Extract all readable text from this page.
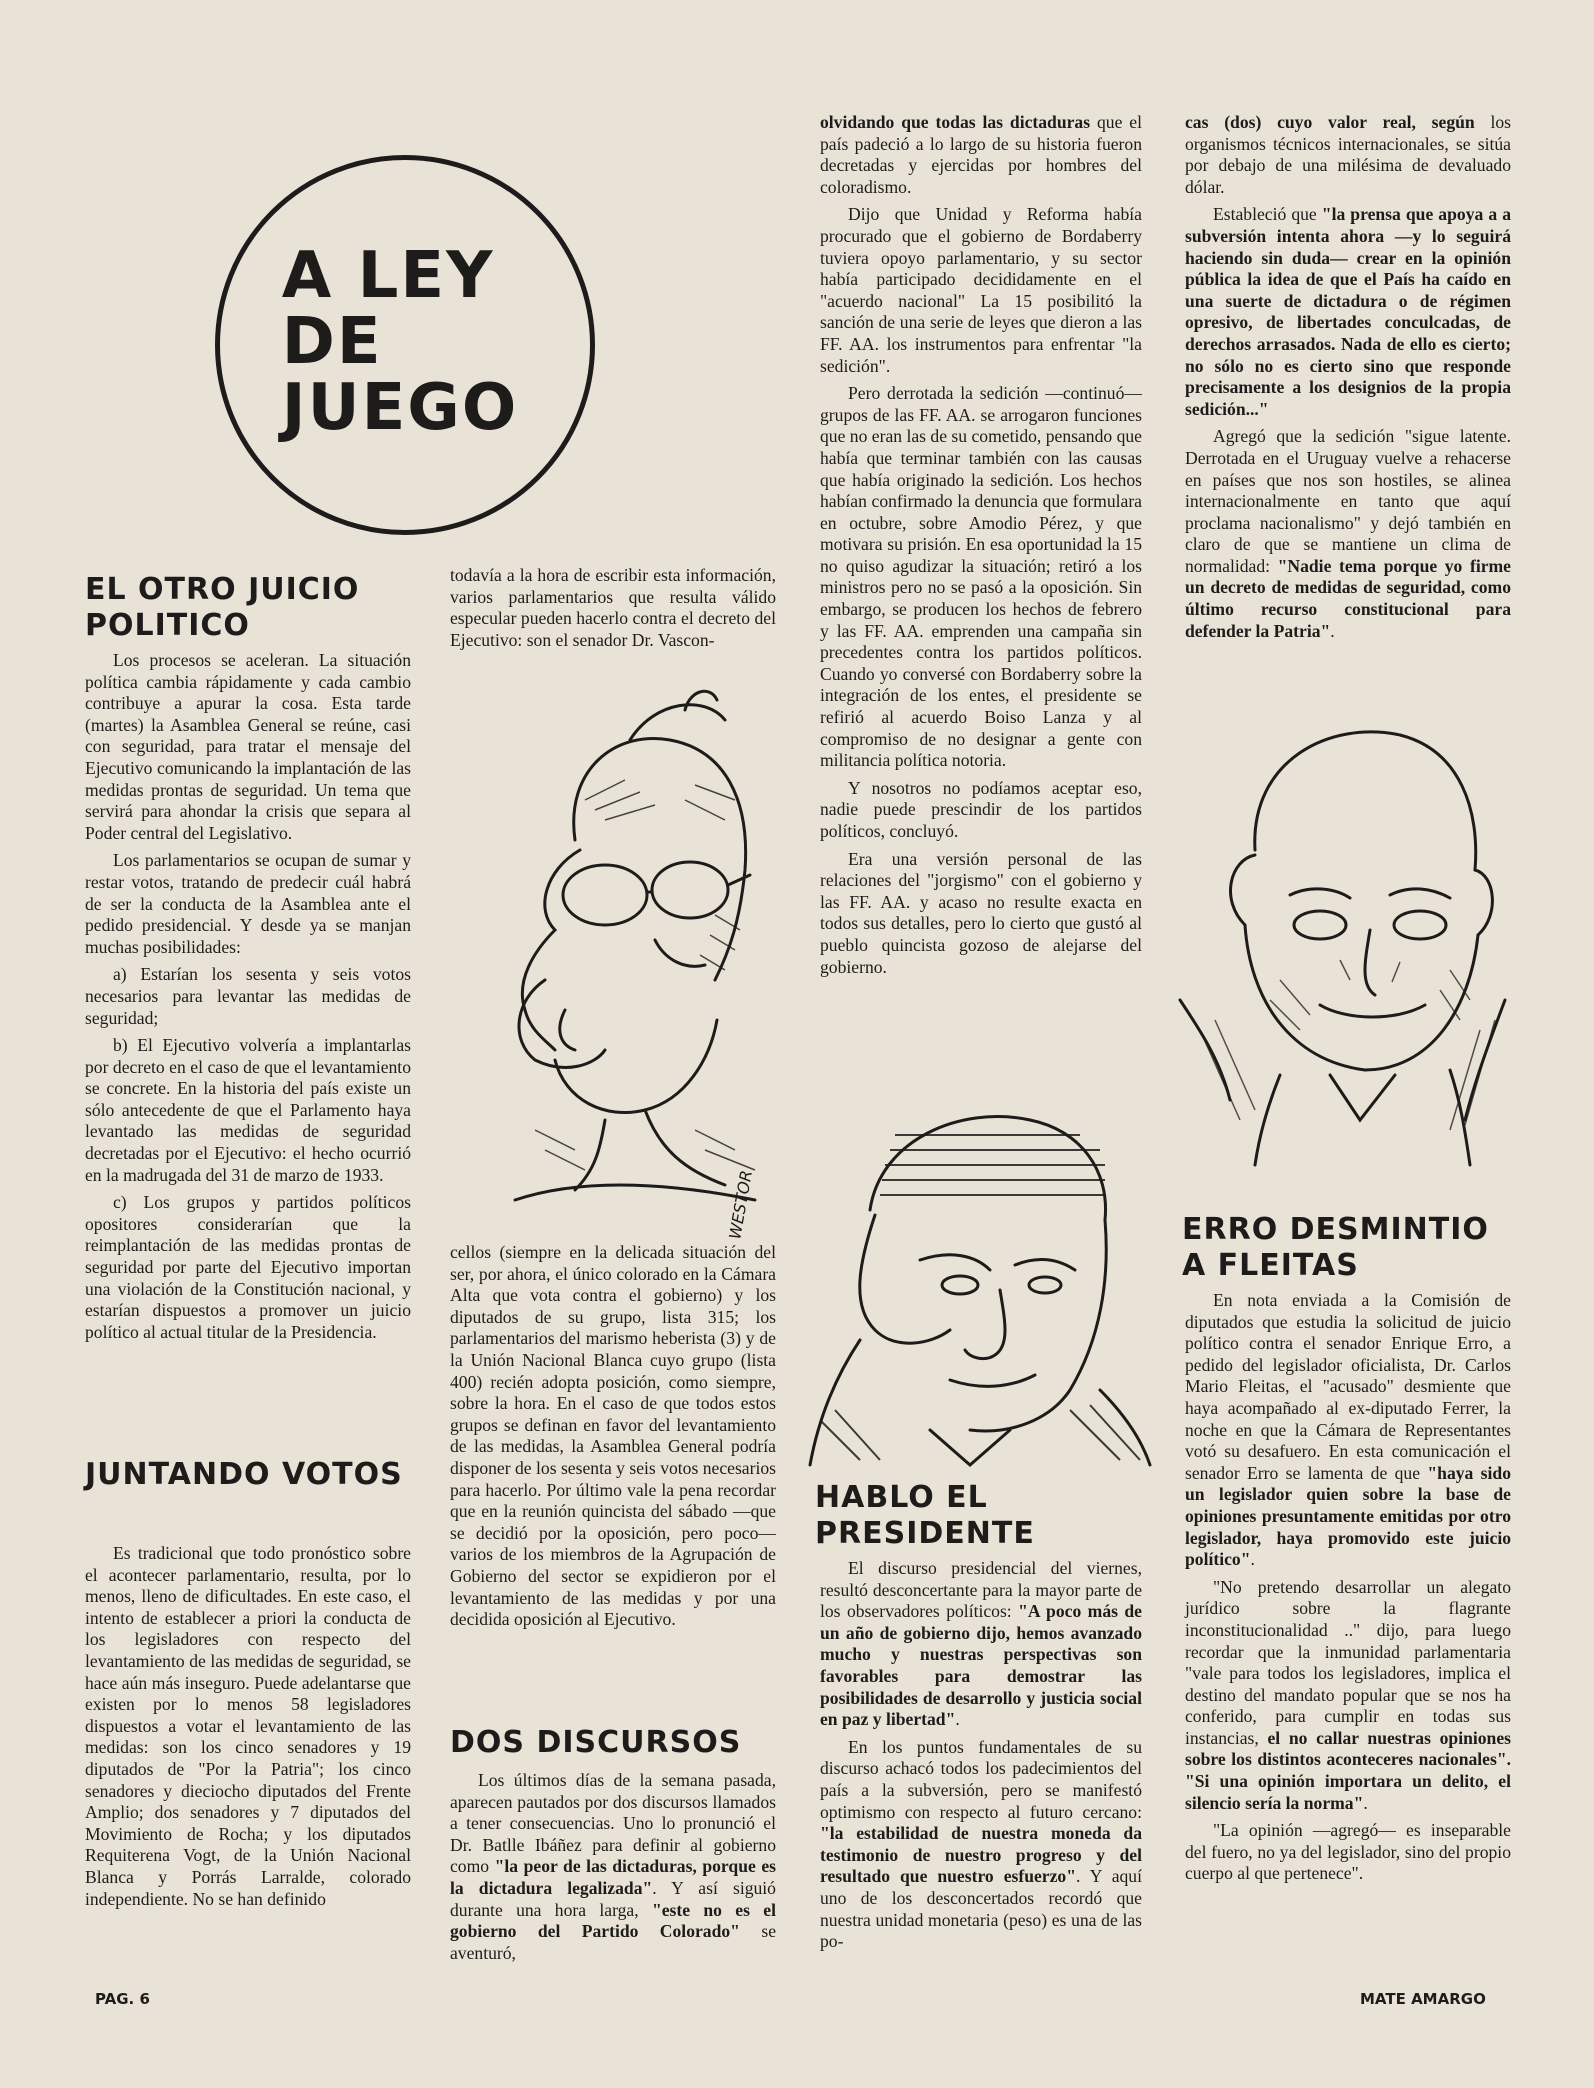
A LEY
DE
JUEGO
EL OTRO JUICIO POLITICO

Los procesos se aceleran. La situación política cambia rápidamente y cada cambio contribuye a apurar la cosa. Esta tarde (martes) la Asamblea General se reúne, casi con seguridad, para tratar el mensaje del Ejecutivo comunicando la implantación de las medidas prontas de seguridad. Un tema que servirá para ahondar la crisis que separa al Poder central del Legislativo.

Los parlamentarios se ocupan de sumar y restar votos, tratando de predecir cuál habrá de ser la conducta de la Asamblea ante el pedido presidencial. Y desde ya se manjan muchas posibilidades:

a) Estarían los sesenta y seis votos necesarios para levantar las medidas de seguridad;

b) El Ejecutivo volvería a implantarlas por decreto en el caso de que el levantamiento se concrete. En la historia del país existe un sólo antecedente de que el Parlamento haya levantado las medidas de seguridad decretadas por el Ejecutivo: el hecho ocurrió en la madrugada del 31 de marzo de 1933.

c) Los grupos y partidos políticos opositores considerarían que la reimplantación de las medidas prontas de seguridad por parte del Ejecutivo importan una violación de la Constitución nacional, y estarían dispuestos a promover un juicio político al actual titular de la Presidencia.

JUNTANDO VOTOS

Es tradicional que todo pronóstico sobre el acontecer parlamentario, resulta, por lo menos, lleno de dificultades. En este caso, el intento de establecer a priori la conducta de los legisladores con respecto del levantamiento de las medidas de seguridad, se hace aún más inseguro. Puede adelantarse que existen por lo menos 58 legisladores dispuestos a votar el levantamiento de las medidas: son los cinco senadores y 19 diputados de "Por la Patria"; los cinco senadores y dieciocho diputados del Frente Amplio; dos senadores y 7 diputados del Movimiento de Rocha; y los diputados Requiterena Vogt, de la Unión Nacional Blanca y Porrás Larralde, colorado independiente. No se han definido

todavía a la hora de escribir esta información, varios parlamentarios que resulta válido especular pueden hacerlo contra el decreto del Ejecutivo: son el senador Dr. Vascon-

WESTOR

cellos (siempre en la delicada situación del ser, por ahora, el único colorado en la Cámara Alta que vota contra el gobierno) y los diputados de su grupo, lista 315; los parlamentarios del marismo heberista (3) y de la Unión Nacional Blanca cuyo grupo (lista 400) recién adopta posición, como siempre, sobre la hora. En el caso de que todos estos grupos se definan en favor del levantamiento de las medidas, la Asamblea General podría disponer de los sesenta y seis votos necesarios para hacerlo. Por último vale la pena recordar que en la reunión quincista del sábado —que se decidió por la oposición, pero poco— varios de los miembros de la Agrupación de Gobierno del sector se expidieron por el levantamiento de las medidas y por una decidida oposición al Ejecutivo.

DOS DISCURSOS

Los últimos días de la semana pasada, aparecen pautados por dos discursos llamados a tener consecuencias. Uno lo pronunció el Dr. Batlle Ibáñez para definir al gobierno como "la peor de las dictaduras, porque es la dictadura legalizada". Y así siguió durante una hora larga, "este no es el gobierno del Partido Colorado" se aventuró,

olvidando que todas las dictaduras que el país padeció a lo largo de su historia fueron decretadas y ejercidas por hombres del coloradismo.

Dijo que Unidad y Reforma había procurado que el gobierno de Bordaberry tuviera opoyo parlamentario, y su sector había participado decididamente en el "acuerdo nacional" La 15 posibilitó la sanción de una serie de leyes que dieron a las FF. AA. los instrumentos para enfrentar "la sedición".

Pero derrotada la sedición —continuó— grupos de las FF. AA. se arrogaron funciones que no eran las de su cometido, pensando que había que terminar también con las causas que había originado la sedición. Los hechos habían confirmado la denuncia que formulara en octubre, sobre Amodio Pérez, y que motivara su prisión. En esa oportunidad la 15 no quiso agudizar la situación; retiró a los ministros pero no se pasó a la oposición. Sin embargo, se producen los hechos de febrero y las FF. AA. emprenden una campaña sin precedentes contra los partidos políticos. Cuando yo conversé con Bordaberry sobre la integración de los entes, el presidente se refirió al acuerdo Boiso Lanza y al compromiso de no designar a gente con militancia política notoria.

Y nosotros no podíamos aceptar eso, nadie puede prescindir de los partidos políticos, concluyó.

Era una versión personal de las relaciones del "jorgismo" con el gobierno y las FF. AA. y acaso no resulte exacta en todos sus detalles, pero lo cierto que gustó al pueblo quincista gozoso de alejarse del gobierno.

HABLO EL PRESIDENTE

El discurso presidencial del viernes, resultó desconcertante para la mayor parte de los observadores políticos: "A poco más de un año de gobierno dijo, hemos avanzado mucho y nuestras perspectivas son favorables para demostrar las posibilidades de desarrollo y justicia social en paz y libertad".

En los puntos fundamentales de su discurso achacó todos los padecimientos del país a la subversión, pero se manifestó optimismo con respecto al futuro cercano: "la estabilidad de nuestra moneda da testimonio de nuestro progreso y del resultado que nuestro esfuerzo". Y aquí uno de los desconcertados recordó que nuestra unidad monetaria (peso) es una de las po-

cas (dos) cuyo valor real, según los organismos técnicos internacionales, se sitúa por debajo de una milésima de devaluado dólar.

Estableció que "la prensa que apoya a a subversión intenta ahora —y lo seguirá haciendo sin duda— crear en la opinión pública la idea de que el País ha caído en una suerte de dictadura o de régimen opresivo, de libertades conculcadas, de derechos arrasados. Nada de ello es cierto; no sólo no es cierto sino que responde precisamente a los designios de la propia sedición..."

Agregó que la sedición "sigue latente. Derrotada en el Uruguay vuelve a rehacerse en países que nos son hostiles, se alinea internacionalmente en tanto que aquí proclama nacionalismo" y dejó también en claro de que se mantiene un clima de normalidad: "Nadie tema porque yo firme un decreto de medidas de seguridad, como último recurso constitucional para defender la Patria".

ERRO DESMINTIO A FLEITAS

En nota enviada a la Comisión de diputados que estudia la solicitud de juicio político contra el senador Enrique Erro, a pedido del legislador oficialista, Dr. Carlos Mario Fleitas, el "acusado" desmiente que haya acompañado al ex-diputado Ferrer, la noche en que la Cámara de Representantes votó su desafuero. En esta comunicación el senador Erro se lamenta de que "haya sido un legislador quien sobre la base de opiniones presuntamente emitidas por otro legislador, haya promovido este juicio político".

"No pretendo desarrollar un alegato jurídico sobre la flagrante inconstitucionalidad .." dijo, para luego recordar que la inmunidad parlamentaria "vale para todos los legisladores, implica el destino del mandato popular que se nos ha conferido, para cumplir en todas sus instancias, el no callar nuestras opiniones sobre los distintos aconteceres nacionales". "Si una opinión importara un delito, el silencio sería la norma".

"La opinión —agregó— es inseparable del fuero, no ya del legislador, sino del propio cuerpo al que pertenece".

PAG. 6	MATE AMARGO
